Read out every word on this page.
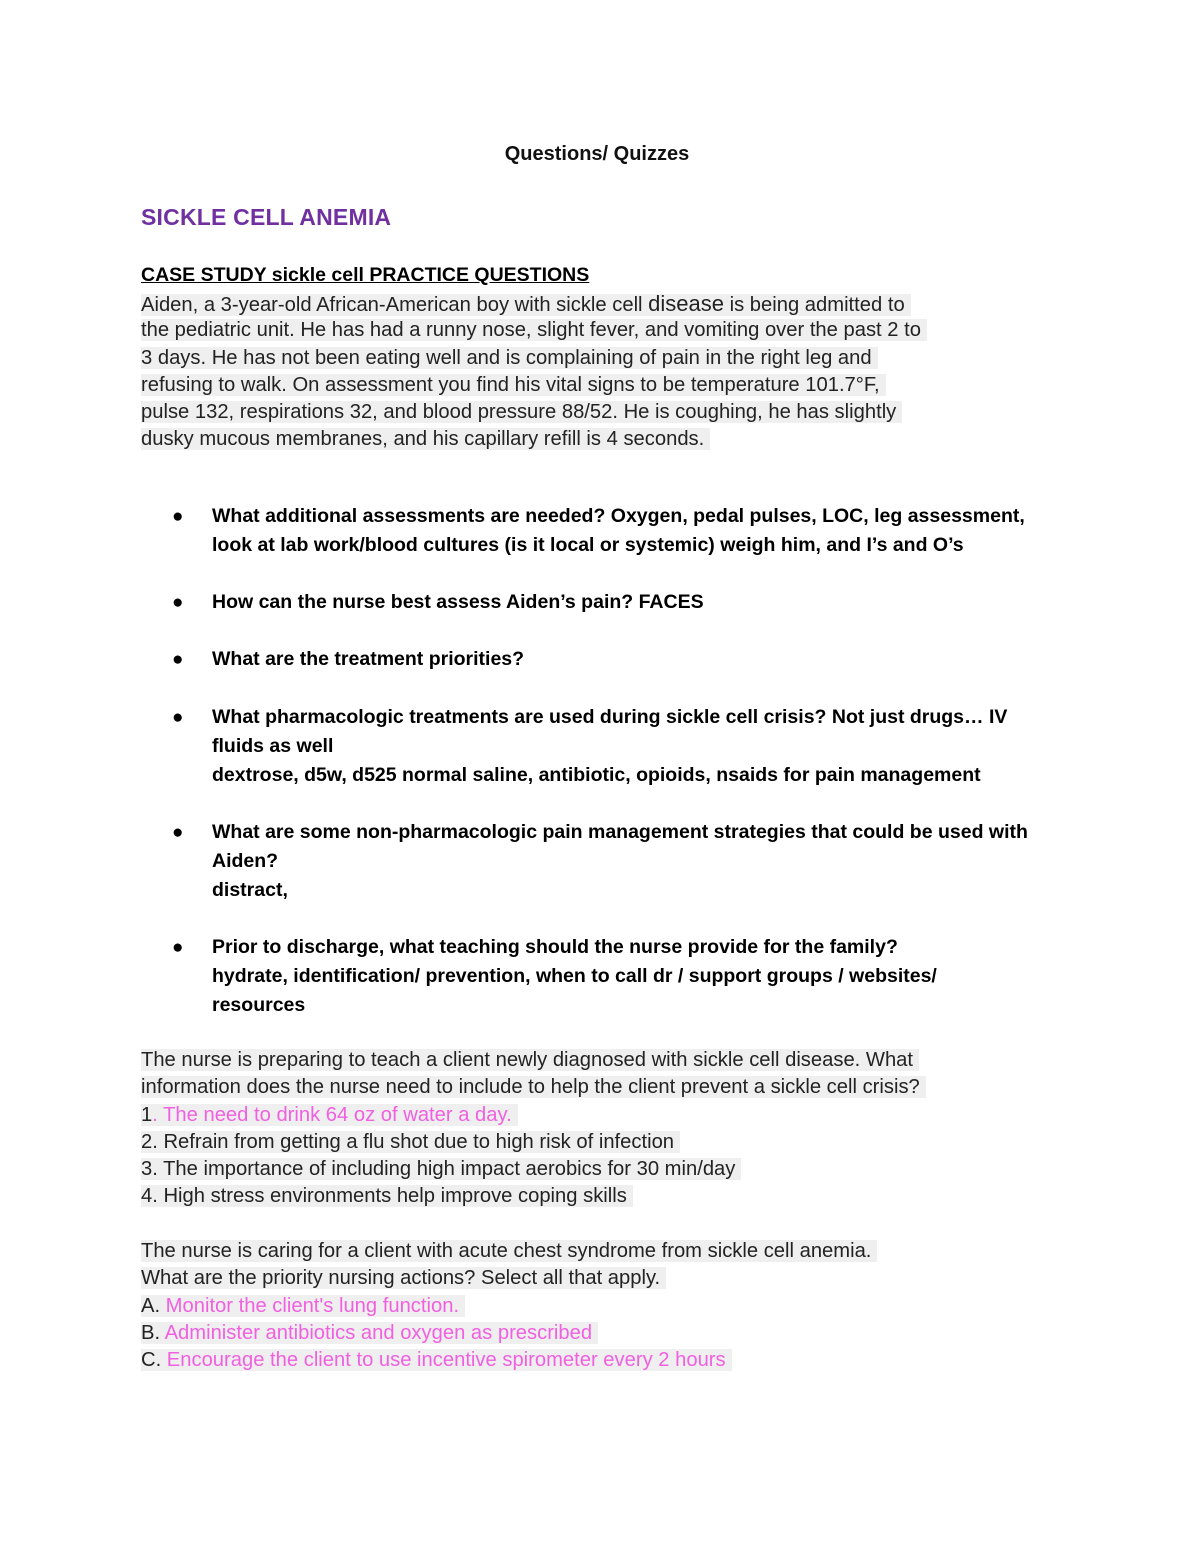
Questions/ Quizzes
SICKLE CELL ANEMIA
CASE STUDY sickle cell PRACTICE QUESTIONS
Aiden, a 3-year-old African-American boy with sickle cell disease is being admitted to
the pediatric unit. He has had a runny nose, slight fever, and vomiting over the past 2 to
3 days. He has not been eating well and is complaining of pain in the right leg and
refusing to walk. On assessment you find his vital signs to be temperature 101.7°F,
pulse 132, respirations 32, and blood pressure 88/52. He is coughing, he has slightly
dusky mucous membranes, and his capillary refill is 4 seconds.
● What additional assessments are needed? Oxygen, pedal pulses, LOC, leg assessment,
look at lab work/blood cultures (is it local or systemic) weigh him, and I’s and O’s
● How can the nurse best assess Aiden’s pain? FACES
● What are the treatment priorities?
● What pharmacologic treatments are used during sickle cell crisis? Not just drugs… IV
fluids as well
dextrose, d5w, d525 normal saline, antibiotic, opioids, nsaids for pain management
● What are some non-pharmacologic pain management strategies that could be used with
Aiden?
distract,
● Prior to discharge, what teaching should the nurse provide for the family?
hydrate, identification/ prevention, when to call dr / support groups / websites/
resources
The nurse is preparing to teach a client newly diagnosed with sickle cell disease. What
information does the nurse need to include to help the client prevent a sickle cell crisis?
1. The need to drink 64 oz of water a day.
2. Refrain from getting a flu shot due to high risk of infection
3. The importance of including high impact aerobics for 30 min/day
4. High stress environments help improve coping skills
The nurse is caring for a client with acute chest syndrome from sickle cell anemia.
What are the priority nursing actions? Select all that apply.
A. Monitor the client's lung function.
B. Administer antibiotics and oxygen as prescribed
C. Encourage the client to use incentive spirometer every 2 hours
